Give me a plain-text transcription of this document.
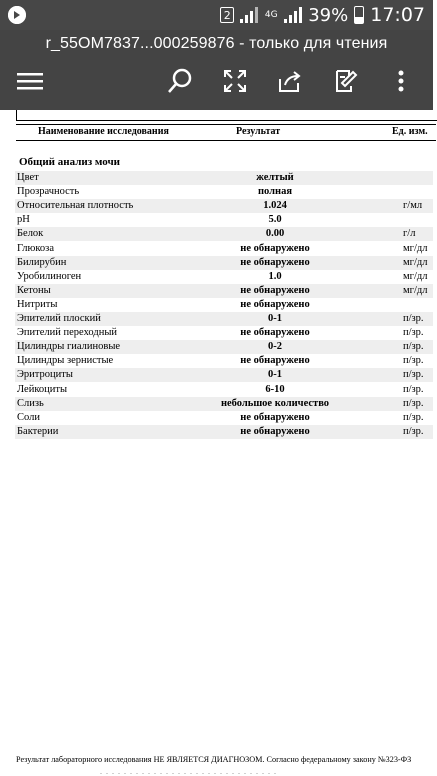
2	4G 39% 17:07
r_55OM7837...000259876 - только для чтения
Наименование исследования	Результат	Ед. изм.
Общий анализ мочи
Цвет	желтый
Прозрачность	полная
Относительная плотность	1.024	г/мл
pH	5.0
Белок	0.00	г/л
Глюкоза	не обнаружено	мг/дл
Билирубин	не обнаружено	мг/дл
Уробилиноген	1.0	мг/дл
Кетоны	не обнаружено	мг/дл
Нитриты	не обнаружено
Эпителий плоский	0-1	п/зр.
Эпителий переходный	не обнаружено	п/зр.
Цилиндры гиалиновые	0-2	п/зр.
Цилиндры зернистые	не обнаружено	п/зр.
Эритроциты	0-1	п/зр.
Лейкоциты	6-10	п/зр.
Слизь	небольшое количество	п/зр.
Соли	не обнаружено	п/зр.
Бактерии	не обнаружено	п/зр.
Результат лабораторного исследования НЕ ЯВЛЯЕТСЯ ДИАГНОЗОМ. Согласно федеральному закону №323-ФЗ
. . . . . . . . . . . . . . . . . . . . . . . . . . . . . .
